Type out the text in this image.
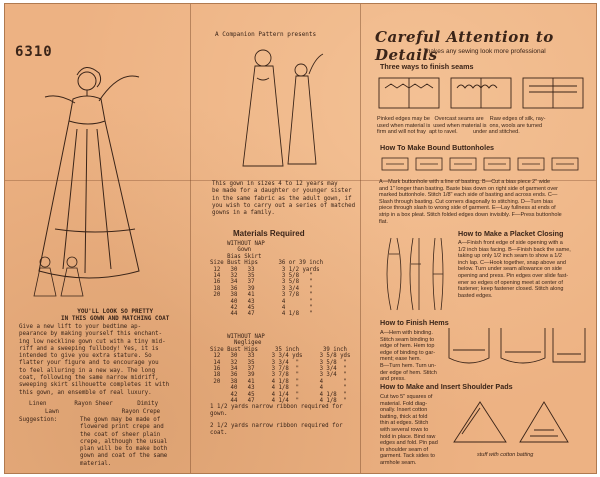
6310
YOU'LL LOOK SO PRETTY
IN THIS GOWN AND MATCHING COAT
Give a new lift to your bedtime ap-
pearance by making yourself this enchant-
ing low neckline gown cut with a tiny mid-
riff and a sweeping fullbody! Yes, it is
intended to give you extra stature. So
flatter your figure and to encourage you
to feel alluring in a new way. The long
coat, following the same narrow midriff,
sweeping skirt silhouette completes it with
this gown, an ensemble of real luxury.
Linen        Rayon Sheer       Dimity
Lawn                  Rayon Crepe
Suggestion:	The gown may be made of
flowered print crepe and
the coat of sheer plain
crepe, although the usual
plan will be to make both
gown and coat of the same
material.
A Companion Pattern presents
This gown in sizes 4 to 12 years may
be made for a daughter or younger sister
in the same fabric as the adult gown, if
you wish to carry out a series of matched
gowns in a family.
Materials Required
WITHOUT NAP
Gown
Bias Skirt
Size Bust Hips      36 or 39 inch
12   30   33        3 1/2 yards
14   32   35        3 5/8   "
16   34   37        3 5/8   "
18   36   39        3 3/4   "
20   38   41        3 7/8   "
40   43        4       "
42   45        4       "
44   47        4 1/8   "
WITHOUT NAP
Negligee
Size Bust Hips     35 inch       39 inch
12   30   33     3 3/4 yds     3 5/8 yds
14   32   35     3 3/4  "      3 5/8  "
16   34   37     3 7/8  "      3 3/4  "
18   36   39     3 7/8  "      3 3/4  "
20   38   41     4 1/8  "      4      "
40   43     4 1/8  "      4      "
42   45     4 1/4  "      4 1/8  "
44   47     4 1/4  "      4 1/8  "
1 1/2 yards narrow ribbon required for
gown.
2 1/2 yards narrow ribbon required for
coat.
Careful Attention to Details
makes any sewing look more professional
Three ways to finish seams
Pinked edges may be   Overcast seams are    Raw edges of silk, ray-
used when material is  used when material is  ons, wools are turned
firm and will not fray  apt to ravel.          under and stitched.
How To Make Bound Buttonholes
A—Mark buttonhole with a line of basting. B—Cut a bias piece 2" wide
and 1" longer than basting. Baste bias down on right side of garment over
marked buttonhole. Stitch 1/8" each side of basting and across ends. C—
Slash through basting. Cut corners diagonally to stitching. D—Turn bias
piece through slash to wrong side of garment. E—Lay fullness at ends of
strip in a box pleat. Stitch folded edges down invisibly. F—Press buttonhole
flat.
How to Make a Placket Closing
A—Finish front edge of side opening with a
1/2 inch bias facing. B—Finish back the same,
taking up only 1/2 inch seam to show a 1/2
inch lap. C—Hook together, snap above and
below. Turn under seam allowance on side
opening and press. Pin edges over slide fast-
ener so edges of opening meet at center of
fastener; keep fastener closed. Stitch along
basted edges.
How to Finish Hems
A—Hem with binding.
Stitch seam binding to
edge of hem. Hem top
edge of binding to gar-
ment; ease hem.
B—Turn hem. Turn un-
der edge of hem. Stitch
and press.
How to Make and Insert Shoulder Pads
Cut two 5" squares of
material. Fold diag-
onally. Insert cotton
batting, thick at fold
thin at edges. Stitch
with several rows to
hold in place. Bind raw
edges and fold. Pin pad
in shoulder seam of
garment. Tack sides to
armhole seam.
stuff with cotton batting
